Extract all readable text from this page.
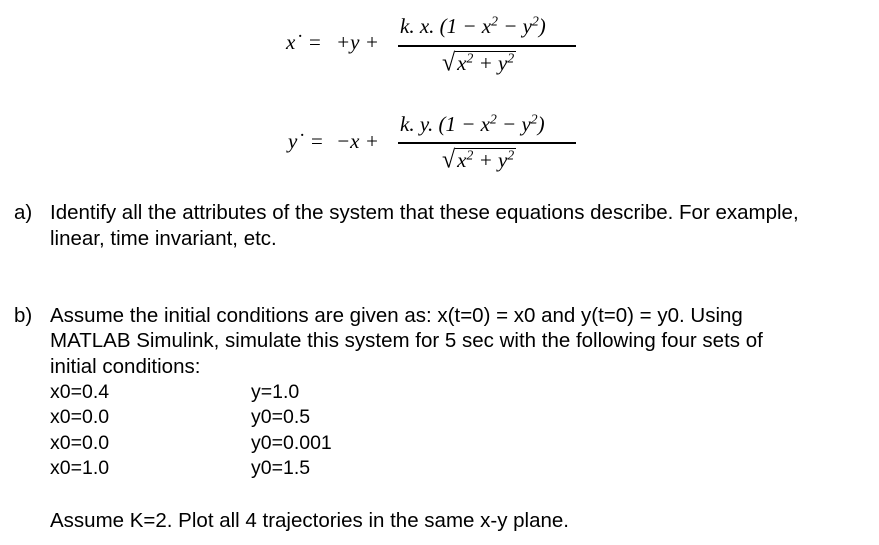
x˙ = +y +
k. x. $(1 - x^2 - y^2)$
$√x^2 + y^2$
y˙ = −x +
k. y. $(1 - x^2 - y^2)$
$√x^2 + y^2$
a) Identify all the attributes of the system that these equations describe. For example,
linear, time invariant, etc.
b) Assume the initial conditions are given as: x(t=0) = x0 and y(t=0) = y0. Using
MATLAB Simulink, simulate this system for 5 sec with the following four sets of
initial conditions:
x0=0.4	y=1.0
x0=0.0	y0=0.5
x0=0.0	y0=0.001
x0=1.0	y0=1.5
Assume K=2. Plot all 4 trajectories in the same x-y plane.
